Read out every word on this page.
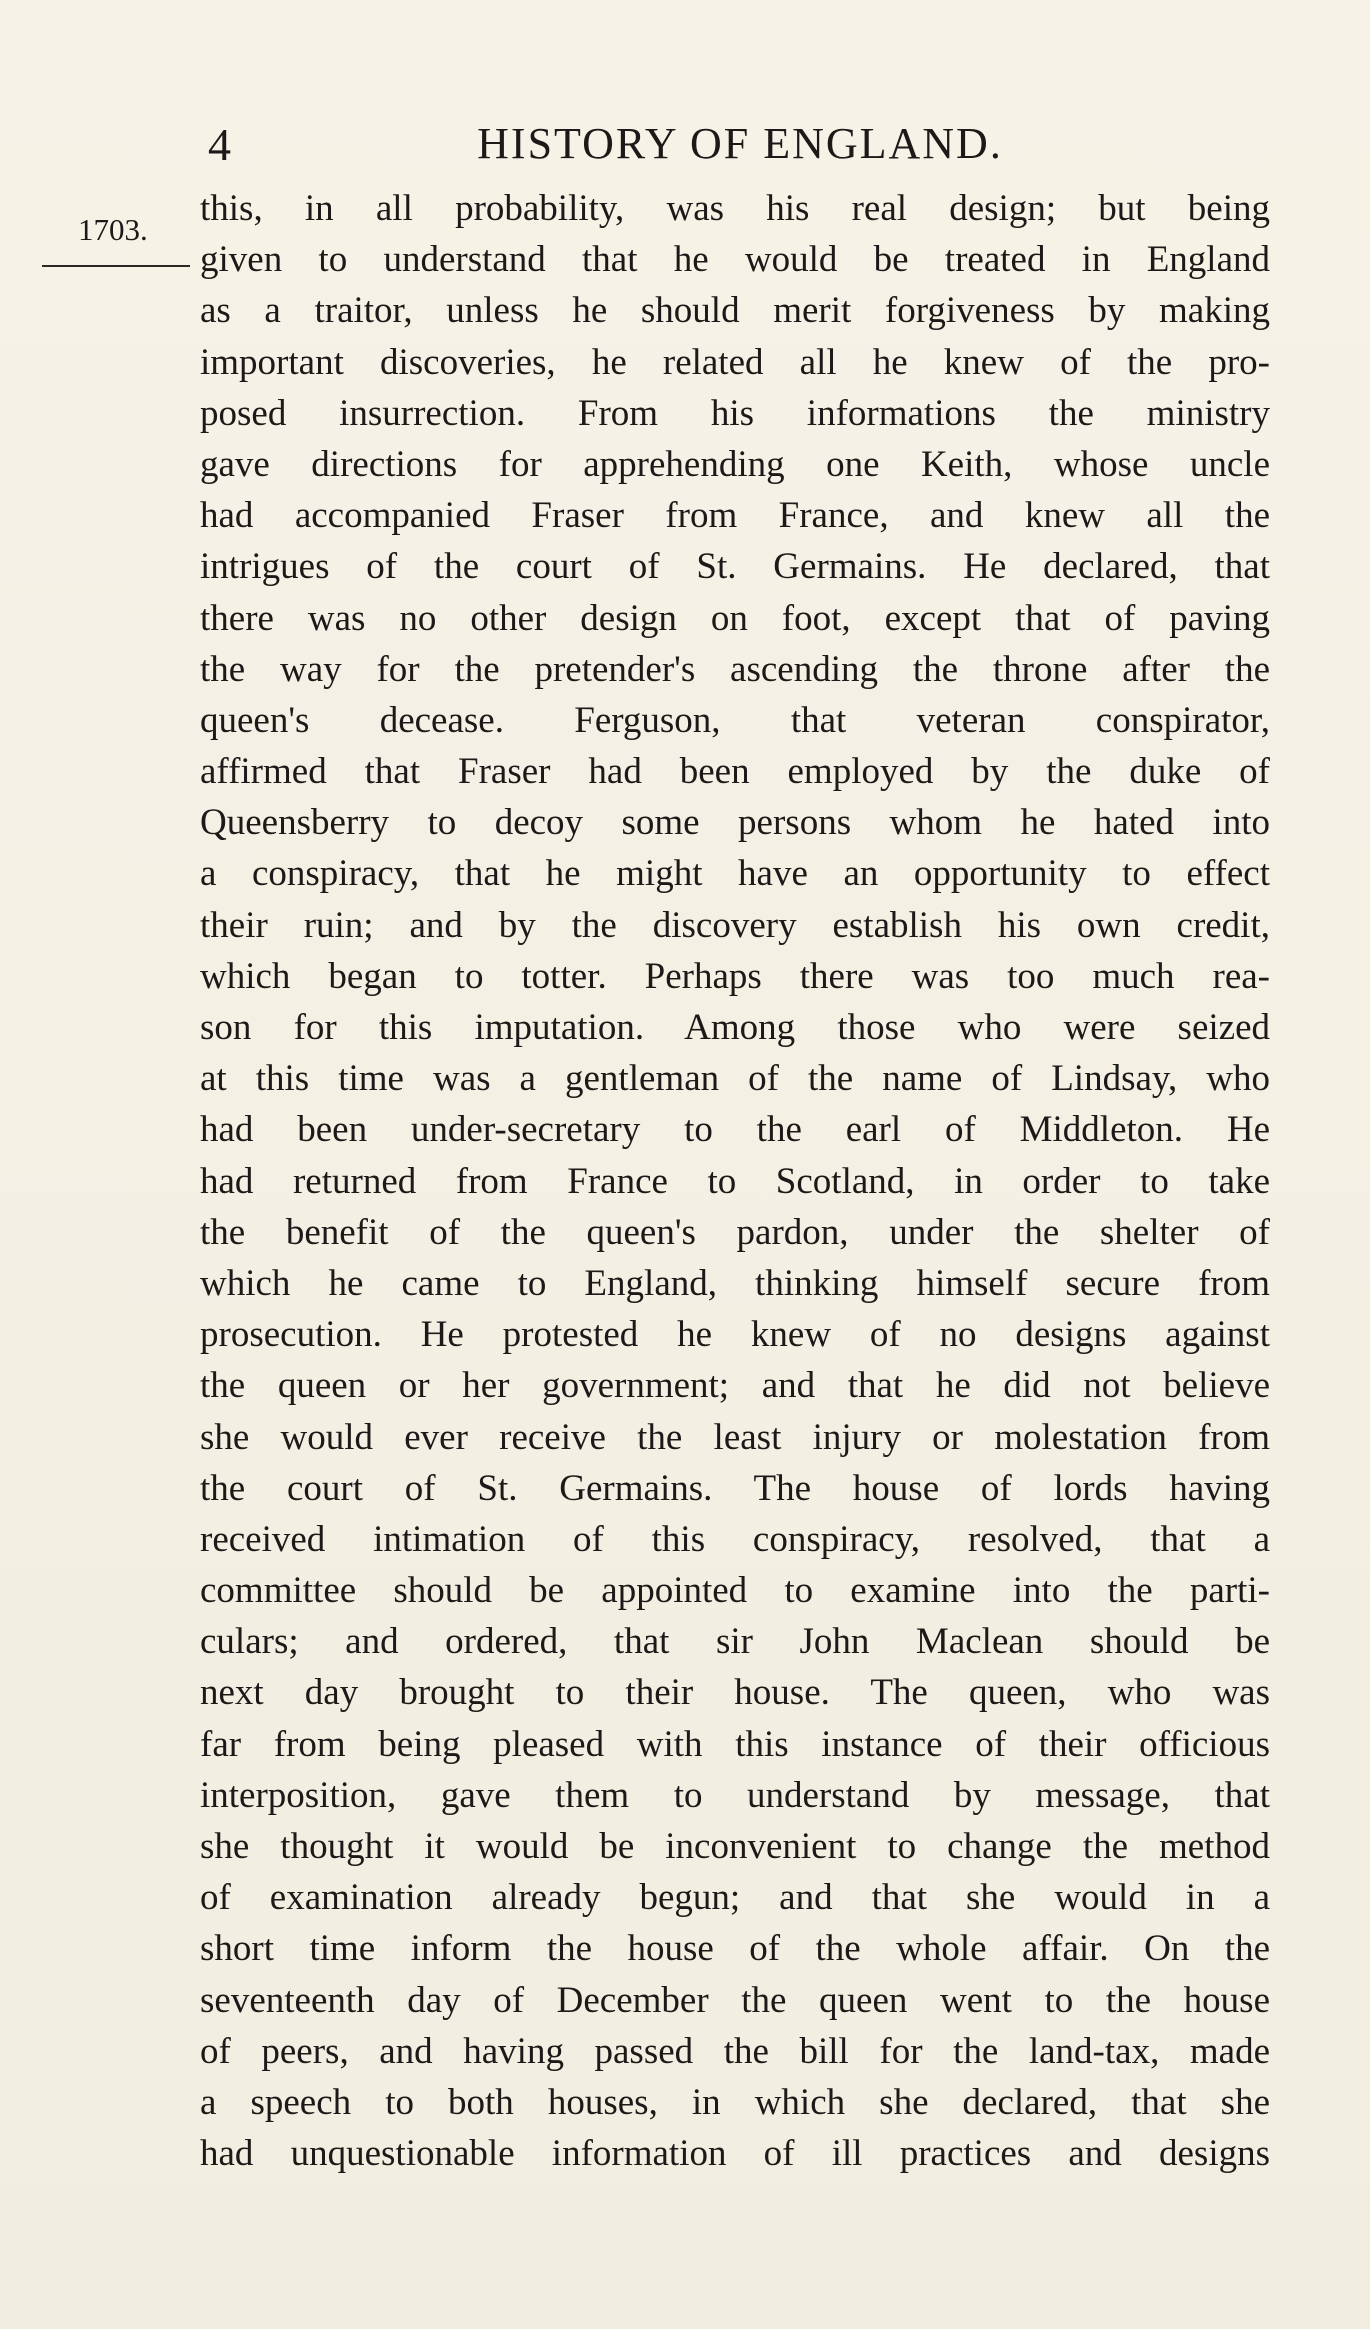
4	HISTORY OF ENGLAND.
1703.
this, in all probability, was his real design; but being
given to understand that he would be treated in England
as a traitor, unless he should merit forgiveness by making
important discoveries, he related all he knew of the pro-
posed insurrection. From his informations the ministry
gave directions for apprehending one Keith, whose uncle
had accompanied Fraser from France, and knew all the
intrigues of the court of St. Germains. He declared, that
there was no other design on foot, except that of paving
the way for the pretender's ascending the throne after the
queen's decease. Ferguson, that veteran conspirator,
affirmed that Fraser had been employed by the duke of
Queensberry to decoy some persons whom he hated into
a conspiracy, that he might have an opportunity to effect
their ruin; and by the discovery establish his own credit,
which began to totter. Perhaps there was too much rea-
son for this imputation. Among those who were seized
at this time was a gentleman of the name of Lindsay, who
had been under-secretary to the earl of Middleton. He
had returned from France to Scotland, in order to take
the benefit of the queen's pardon, under the shelter of
which he came to England, thinking himself secure from
prosecution. He protested he knew of no designs against
the queen or her government; and that he did not believe
she would ever receive the least injury or molestation from
the court of St. Germains. The house of lords having
received intimation of this conspiracy, resolved, that a
committee should be appointed to examine into the parti-
culars; and ordered, that sir John Maclean should be
next day brought to their house. The queen, who was
far from being pleased with this instance of their officious
interposition, gave them to understand by message, that
she thought it would be inconvenient to change the method
of examination already begun; and that she would in a
short time inform the house of the whole affair. On the
seventeenth day of December the queen went to the house
of peers, and having passed the bill for the land-tax, made
a speech to both houses, in which she declared, that she
had unquestionable information of ill practices and designs
